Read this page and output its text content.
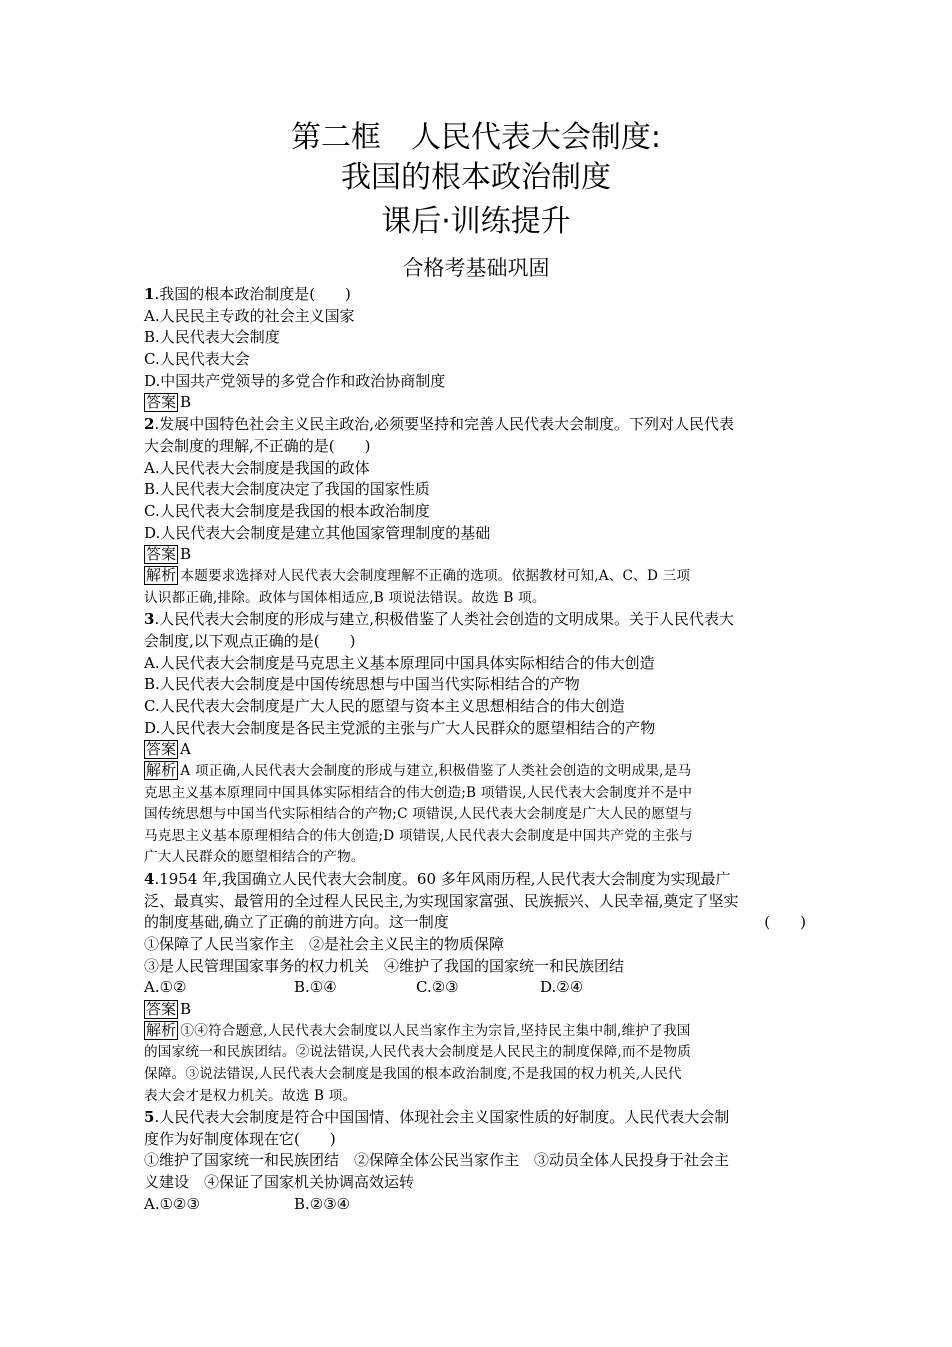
第二框　人民代表大会制度:
我国的根本政治制度
课后·训练提升
合格考基础巩固
1.我国的根本政治制度是(　　)
A.人民民主专政的社会主义国家
B.人民代表大会制度
C.人民代表大会
D.中国共产党领导的多党合作和政治协商制度
答案 B
2.发展中国特色社会主义民主政治,必须要坚持和完善人民代表大会制度。下列对人民代表
大会制度的理解,不正确的是(　　)
A.人民代表大会制度是我国的政体
B.人民代表大会制度决定了我国的国家性质
C.人民代表大会制度是我国的根本政治制度
D.人民代表大会制度是建立其他国家管理制度的基础
答案 B
解析 本题要求选择对人民代表大会制度理解不正确的选项。依据教材可知,A、C、D 三项
认识都正确,排除。政体与国体相适应,B 项说法错误。故选 B 项。
3.人民代表大会制度的形成与建立,积极借鉴了人类社会创造的文明成果。关于人民代表大
会制度,以下观点正确的是(　　)
A.人民代表大会制度是马克思主义基本原理同中国具体实际相结合的伟大创造
B.人民代表大会制度是中国传统思想与中国当代实际相结合的产物
C.人民代表大会制度是广大人民的愿望与资本主义思想相结合的伟大创造
D.人民代表大会制度是各民主党派的主张与广大人民群众的愿望相结合的产物
答案 A
解析 A 项正确,人民代表大会制度的形成与建立,积极借鉴了人类社会创造的文明成果,是马
克思主义基本原理同中国具体实际相结合的伟大创造;B 项错误,人民代表大会制度并不是中
国传统思想与中国当代实际相结合的产物;C 项错误,人民代表大会制度是广大人民的愿望与
马克思主义基本原理相结合的伟大创造;D 项错误,人民代表大会制度是中国共产党的主张与
广大人民群众的愿望相结合的产物。
4.1954 年,我国确立人民代表大会制度。60 多年风雨历程,人民代表大会制度为实现最广
泛、最真实、最管用的全过程人民民主,为实现国家富强、民族振兴、人民幸福,奠定了坚实
的制度基础,确立了正确的前进方向。这一制度	(　　)
①保障了人民当家作主　②是社会主义民主的物质保障
③是人民管理国家事务的权力机关　④维护了我国的国家统一和民族团结
A.①②	B.①④	C.②③	D.②④
答案 B
解析 ①④符合题意,人民代表大会制度以人民当家作主为宗旨,坚持民主集中制,维护了我国
的国家统一和民族团结。②说法错误,人民代表大会制度是人民民主的制度保障,而不是物质
保障。③说法错误,人民代表大会制度是我国的根本政治制度,不是我国的权力机关,人民代
表大会才是权力机关。故选 B 项。
5.人民代表大会制度是符合中国国情、体现社会主义国家性质的好制度。人民代表大会制
度作为好制度体现在它(　　)
①维护了国家统一和民族团结　②保障全体公民当家作主　③动员全体人民投身于社会主
义建设　④保证了国家机关协调高效运转
A.①②③	B.②③④
